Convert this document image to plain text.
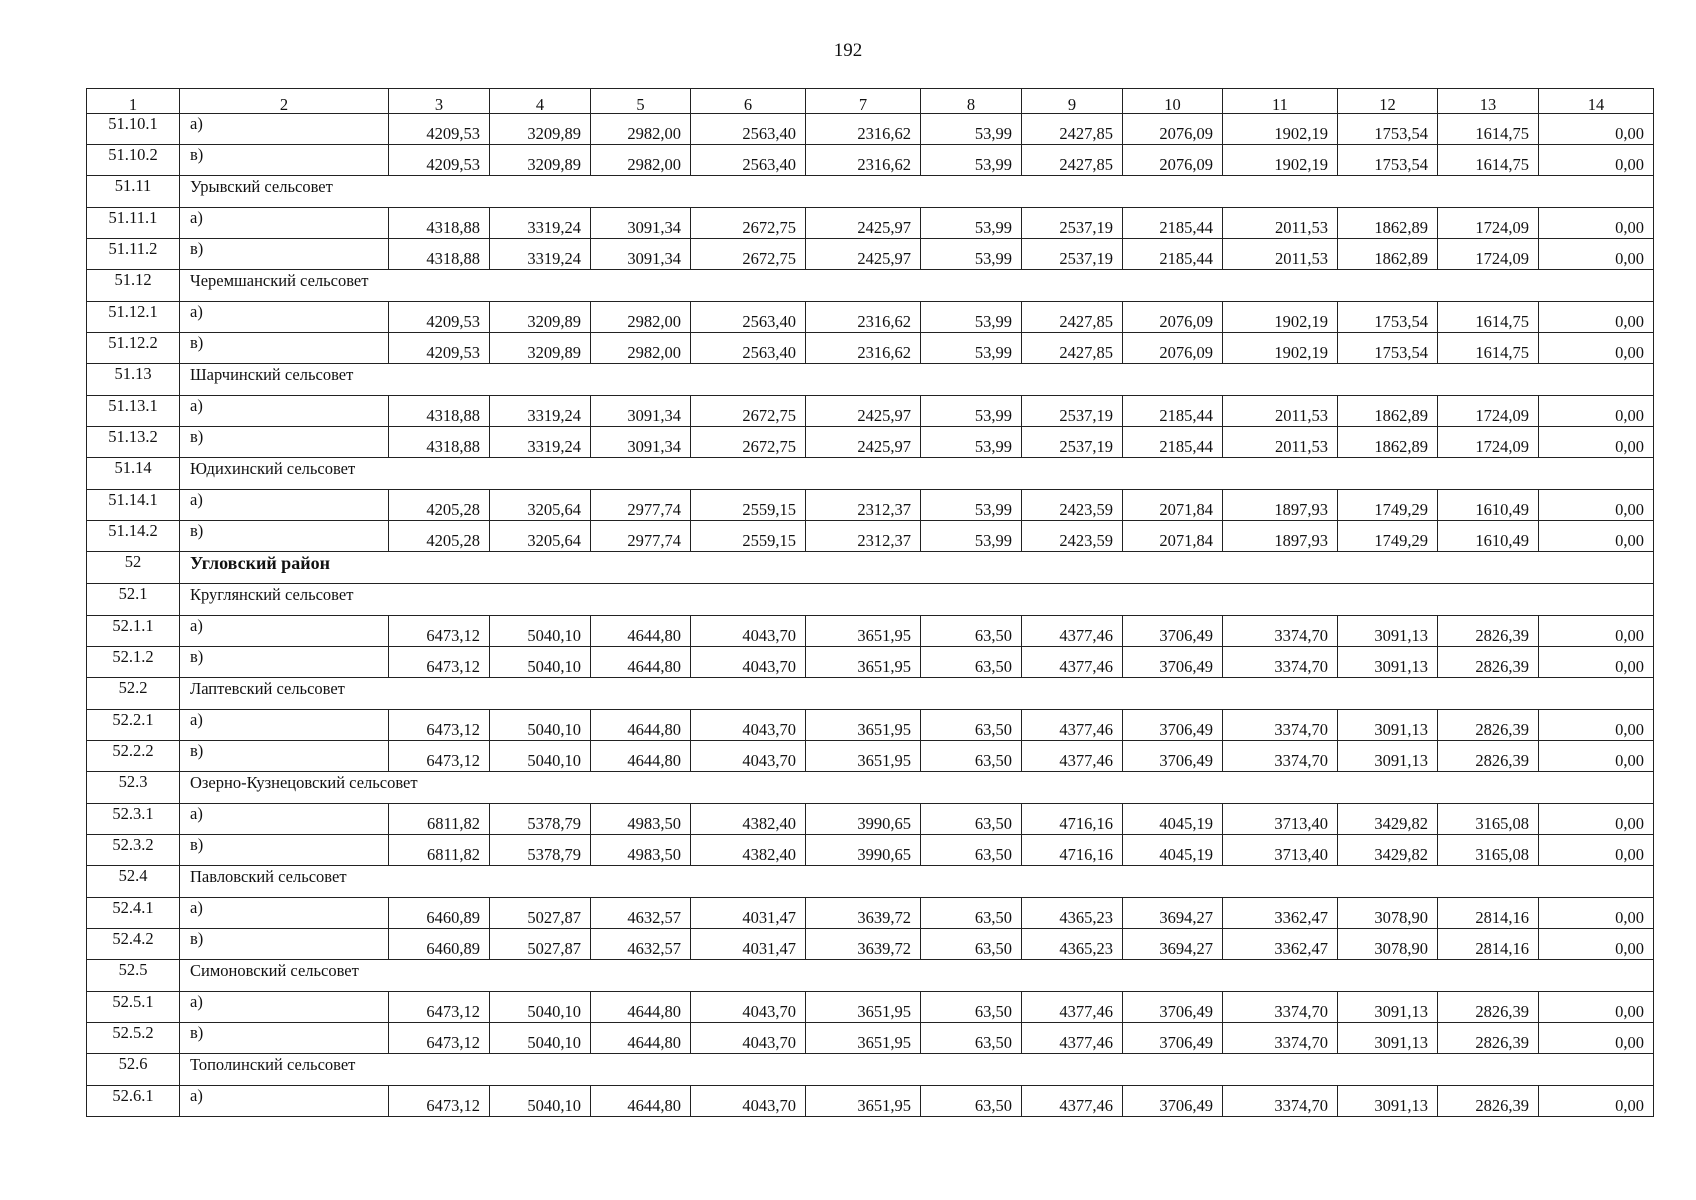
192
1	2	3	4	5	6	7	8	9	10	11	12	13	14
51.10.1	а)	4209,53	3209,89	2982,00	2563,40	2316,62	53,99	2427,85	2076,09	1902,19	1753,54	1614,75	0,00
51.10.2	в)	4209,53	3209,89	2982,00	2563,40	2316,62	53,99	2427,85	2076,09	1902,19	1753,54	1614,75	0,00
51.11	Урывский сельсовет												
51.11.1	а)	4318,88	3319,24	3091,34	2672,75	2425,97	53,99	2537,19	2185,44	2011,53	1862,89	1724,09	0,00
51.11.2	в)	4318,88	3319,24	3091,34	2672,75	2425,97	53,99	2537,19	2185,44	2011,53	1862,89	1724,09	0,00
51.12	Черемшанский сельсовет												
51.12.1	а)	4209,53	3209,89	2982,00	2563,40	2316,62	53,99	2427,85	2076,09	1902,19	1753,54	1614,75	0,00
51.12.2	в)	4209,53	3209,89	2982,00	2563,40	2316,62	53,99	2427,85	2076,09	1902,19	1753,54	1614,75	0,00
51.13	Шарчинский сельсовет												
51.13.1	а)	4318,88	3319,24	3091,34	2672,75	2425,97	53,99	2537,19	2185,44	2011,53	1862,89	1724,09	0,00
51.13.2	в)	4318,88	3319,24	3091,34	2672,75	2425,97	53,99	2537,19	2185,44	2011,53	1862,89	1724,09	0,00
51.14	Юдихинский сельсовет												
51.14.1	а)	4205,28	3205,64	2977,74	2559,15	2312,37	53,99	2423,59	2071,84	1897,93	1749,29	1610,49	0,00
51.14.2	в)	4205,28	3205,64	2977,74	2559,15	2312,37	53,99	2423,59	2071,84	1897,93	1749,29	1610,49	0,00
52	Угловский район												
52.1	Круглянский сельсовет												
52.1.1	а)	6473,12	5040,10	4644,80	4043,70	3651,95	63,50	4377,46	3706,49	3374,70	3091,13	2826,39	0,00
52.1.2	в)	6473,12	5040,10	4644,80	4043,70	3651,95	63,50	4377,46	3706,49	3374,70	3091,13	2826,39	0,00
52.2	Лаптевский сельсовет												
52.2.1	а)	6473,12	5040,10	4644,80	4043,70	3651,95	63,50	4377,46	3706,49	3374,70	3091,13	2826,39	0,00
52.2.2	в)	6473,12	5040,10	4644,80	4043,70	3651,95	63,50	4377,46	3706,49	3374,70	3091,13	2826,39	0,00
52.3	Озерно-Кузнецовский сельсовет												
52.3.1	а)	6811,82	5378,79	4983,50	4382,40	3990,65	63,50	4716,16	4045,19	3713,40	3429,82	3165,08	0,00
52.3.2	в)	6811,82	5378,79	4983,50	4382,40	3990,65	63,50	4716,16	4045,19	3713,40	3429,82	3165,08	0,00
52.4	Павловский сельсовет												
52.4.1	а)	6460,89	5027,87	4632,57	4031,47	3639,72	63,50	4365,23	3694,27	3362,47	3078,90	2814,16	0,00
52.4.2	в)	6460,89	5027,87	4632,57	4031,47	3639,72	63,50	4365,23	3694,27	3362,47	3078,90	2814,16	0,00
52.5	Симоновский сельсовет												
52.5.1	а)	6473,12	5040,10	4644,80	4043,70	3651,95	63,50	4377,46	3706,49	3374,70	3091,13	2826,39	0,00
52.5.2	в)	6473,12	5040,10	4644,80	4043,70	3651,95	63,50	4377,46	3706,49	3374,70	3091,13	2826,39	0,00
52.6	Тополинский сельсовет												
52.6.1	а)	6473,12	5040,10	4644,80	4043,70	3651,95	63,50	4377,46	3706,49	3374,70	3091,13	2826,39	0,00
